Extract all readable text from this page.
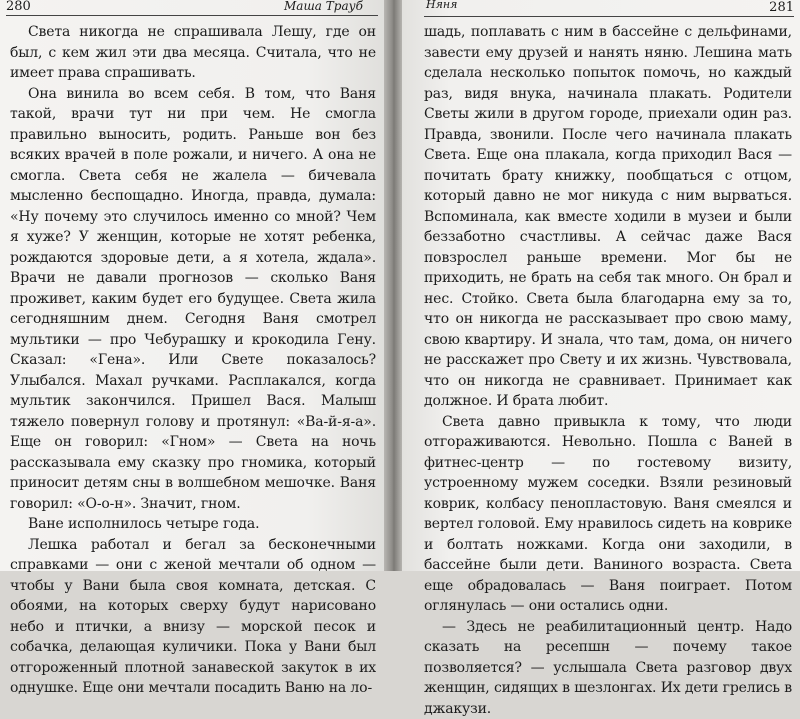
280	Маша Трауб

Света никогда не спрашивала Лешу, где он был, с кем жил эти два месяца. Считала, что не имеет права спрашивать.

Она винила во всем себя. В том, что Ваня такой, врачи тут ни при чем. Не смогла правильно выносить, родить. Раньше вон без всяких врачей в поле рожали, и ничего. А она не смогла. Света себя не жалела — бичевала мысленно беспощадно. Иногда, правда, думала: «Ну почему это случилось именно со мной? Чем я хуже? У женщин, которые не хотят ребенка, рождаются здоровые дети, а я хотела, ждала». Врачи не давали прогнозов — сколько Ваня проживет, каким будет его будущее. Света жила сегодняшним днем. Сегодня Ваня смотрел мультики — про Чебурашку и крокодила Гену. Сказал: «Гена». Или Свете показалось? Улыбался. Махал ручками. Расплакался, когда мультик закончился. Пришел Вася. Малыш тяжело повернул голову и протянул: «Ва-й-я-а». Еще он говорил: «Гном» — Света на ночь рассказывала ему сказку про гномика, который приносит детям сны в волшебном мешочке. Ваня говорил: «О-о-н». Значит, гном.

Ване исполнилось четыре года.

Лешка работал и бегал за бесконечными справками — они с женой мечтали об одном — чтобы у Вани была своя комната, детская. С обоями, на которых сверху будут нарисовано небо и птички, а внизу — морской песок и собачка, делающая куличики. Пока у Вани был отгороженный плотной занавеской закуток в их однушке. Еще они мечтали посадить Ваню на ло-

Няня	281

шадь, поплавать с ним в бассейне с дельфинами, завести ему друзей и нанять няню. Лешина мать сделала несколько попыток помочь, но каждый раз, видя внука, начинала плакать. Родители Светы жили в другом городе, приехали один раз. Правда, звонили. После чего начинала плакать Света. Еще она плакала, когда приходил Вася — почитать брату книжку, пообщаться с отцом, который давно не мог никуда с ним вырваться. Вспоминала, как вместе ходили в музеи и были беззаботно счастливы. А сейчас даже Вася повзрослел раньше времени. Мог бы не приходить, не брать на себя так много. Он брал и нес. Стойко. Света была благодарна ему за то, что он никогда не рассказывает про свою маму, свою квартиру. И знала, что там, дома, он ничего не расскажет про Свету и их жизнь. Чувствовала, что он никогда не сравнивает. Принимает как должное. И брата любит.

Света давно привыкла к тому, что люди отгораживаются. Невольно. Пошла с Ваней в фитнес-центр — по гостевому визиту, устроенному мужем соседки. Взяли резиновый коврик, колбасу пенопластовую. Ваня смеялся и вертел головой. Ему нравилось сидеть на коврике и болтать ножками. Когда они заходили, в бассейне были дети. Ваниного возраста. Света еще обрадовалась — Ваня поиграет. Потом оглянулась — они остались одни.

— Здесь не реабилитационный центр. Надо сказать на ресепшн — почему такое позволяется? — услышала Света разговор двух женщин, сидящих в шезлонгах. Их дети грелись в джакузи.
